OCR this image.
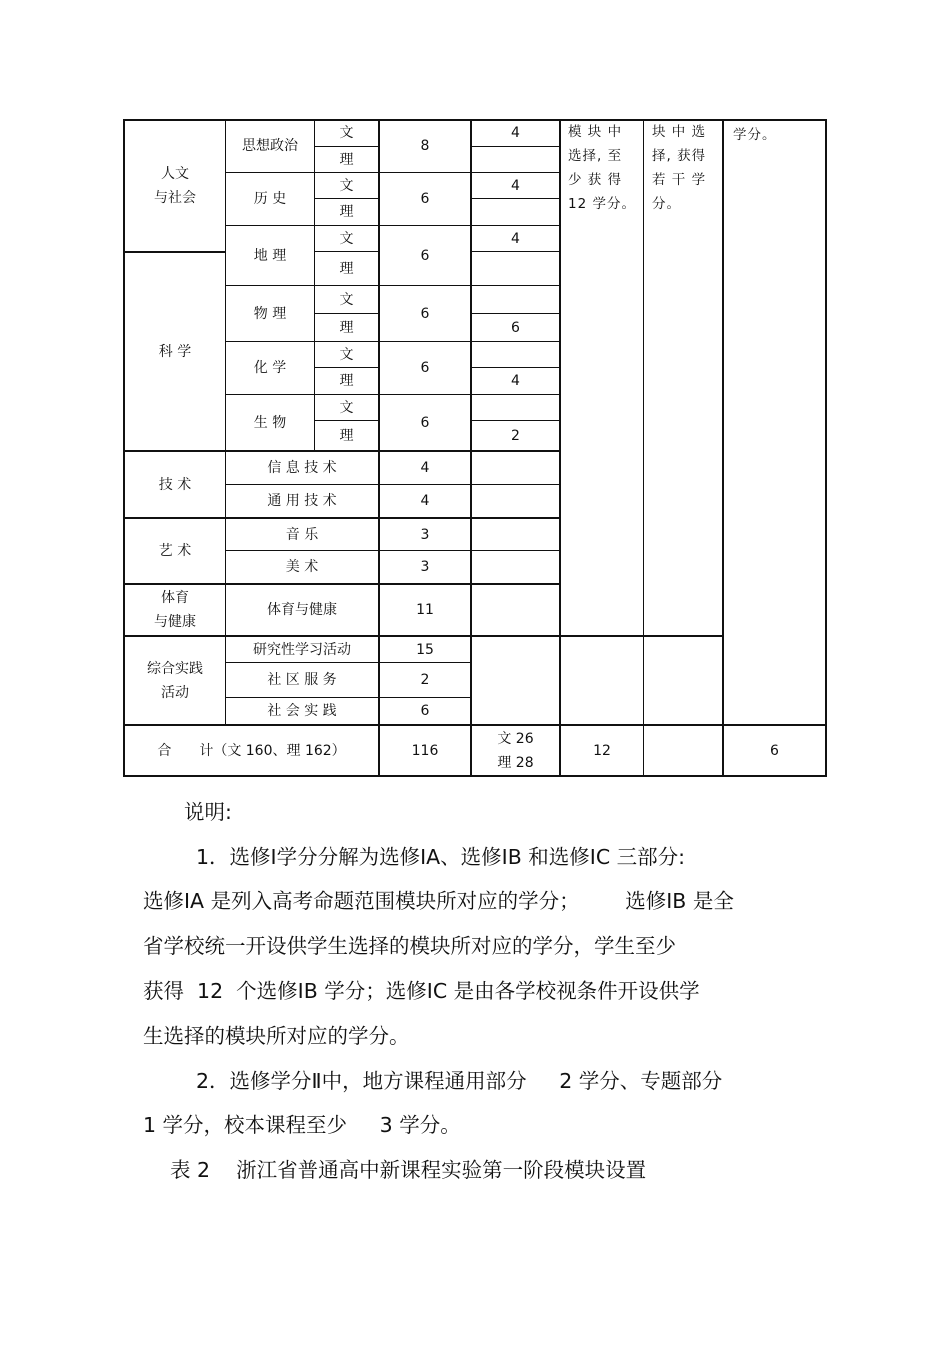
人文
与社会
科 学
技 术
艺 术
体育
与健康
综合实践
活动
思想政治
历 史
地 理
物 理
化 学
生 物
文
理
文
理
文
理
文
理
文
理
文
理
信 息 技 术
通 用 技 术
音 乐
美 术
体育与健康
研究性学习活动
社 区 服 务
社 会 实 践
8
6
6
6
6
6
4
4
3
3
11
15
2
6
4
4
4
6
4
2
模 块 中
选择, 至
少 获 得
12 学分。
块 中 选
择, 获得
若 干 学
分。
学分。
合　　计（文 160、理 162）	116
文 26
理 28
12	6
说明:
1．选修Ⅰ学分分解为选修ⅠA、选修ⅠB 和选修ⅠC 三部分:
选修ⅠA 是列入高考命题范围模块所对应的学分；       选修ⅠB 是全
省学校统一开设供学生选择的模块所对应的学分，学生至少
获得  12  个选修ⅠB 学分；选修ⅠC 是由各学校视条件开设供学
生选择的模块所对应的学分。
2．选修学分Ⅱ中，地方课程通用部分     2 学分、专题部分
1 学分，校本课程至少     3 学分。
表 2    浙江省普通高中新课程实验第一阶段模块设置
